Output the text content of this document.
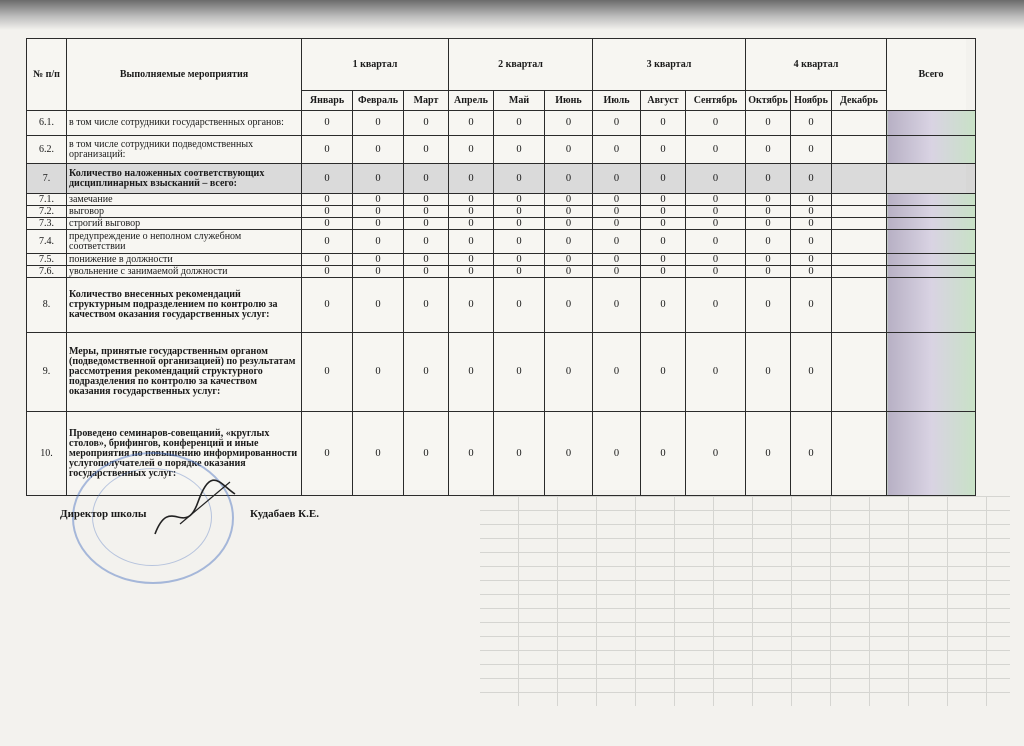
№ п/п	Выполняемые мероприятия	1 квартал			2 квартал			3 квартал			4 квартал			Всего
		Январь	Февраль	Март	Апрель	Май	Июнь	Июль	Август	Сентябрь	Октябрь	Ноябрь	Декабрь	
6.1.	в том числе сотрудники государственных органов:	0	0	0	0	0	0	0	0	0	0	0		
6.2.	в том числе сотрудники подведомственных организаций:	0	0	0	0	0	0	0	0	0	0	0		
7.	Количество наложенных соответствующих дисциплинарных взысканий – всего:	0	0	0	0	0	0	0	0	0	0	0		
7.1.	замечание	0	0	0	0	0	0	0	0	0	0	0		
7.2.	выговор	0	0	0	0	0	0	0	0	0	0	0		
7.3.	строгий выговор	0	0	0	0	0	0	0	0	0	0	0		
7.4.	предупреждение о неполном служебном соответствии	0	0	0	0	0	0	0	0	0	0	0		
7.5.	понижение в должности	0	0	0	0	0	0	0	0	0	0	0		
7.6.	увольнение с занимаемой должности	0	0	0	0	0	0	0	0	0	0	0		
8.	Количество внесенных рекомендаций структурным подразделением по контролю за качеством оказания государственных услуг:	0	0	0	0	0	0	0	0	0	0	0		
9.	Меры, принятые государственным органом (подведомственной организацией) по результатам рассмотрения рекомендаций структурного подразделения по контролю за качеством оказания государственных услуг:	0	0	0	0	0	0	0	0	0	0	0		
10.	Проведено семинаров-совещаний, «круглых столов», брифингов, конференций и иные мероприятия по повышению информированности услугополучателей о порядке оказания государственных услуг:	0	0	0	0	0	0	0	0	0	0	0		
Директор школы	Кудабаев К.Е.
